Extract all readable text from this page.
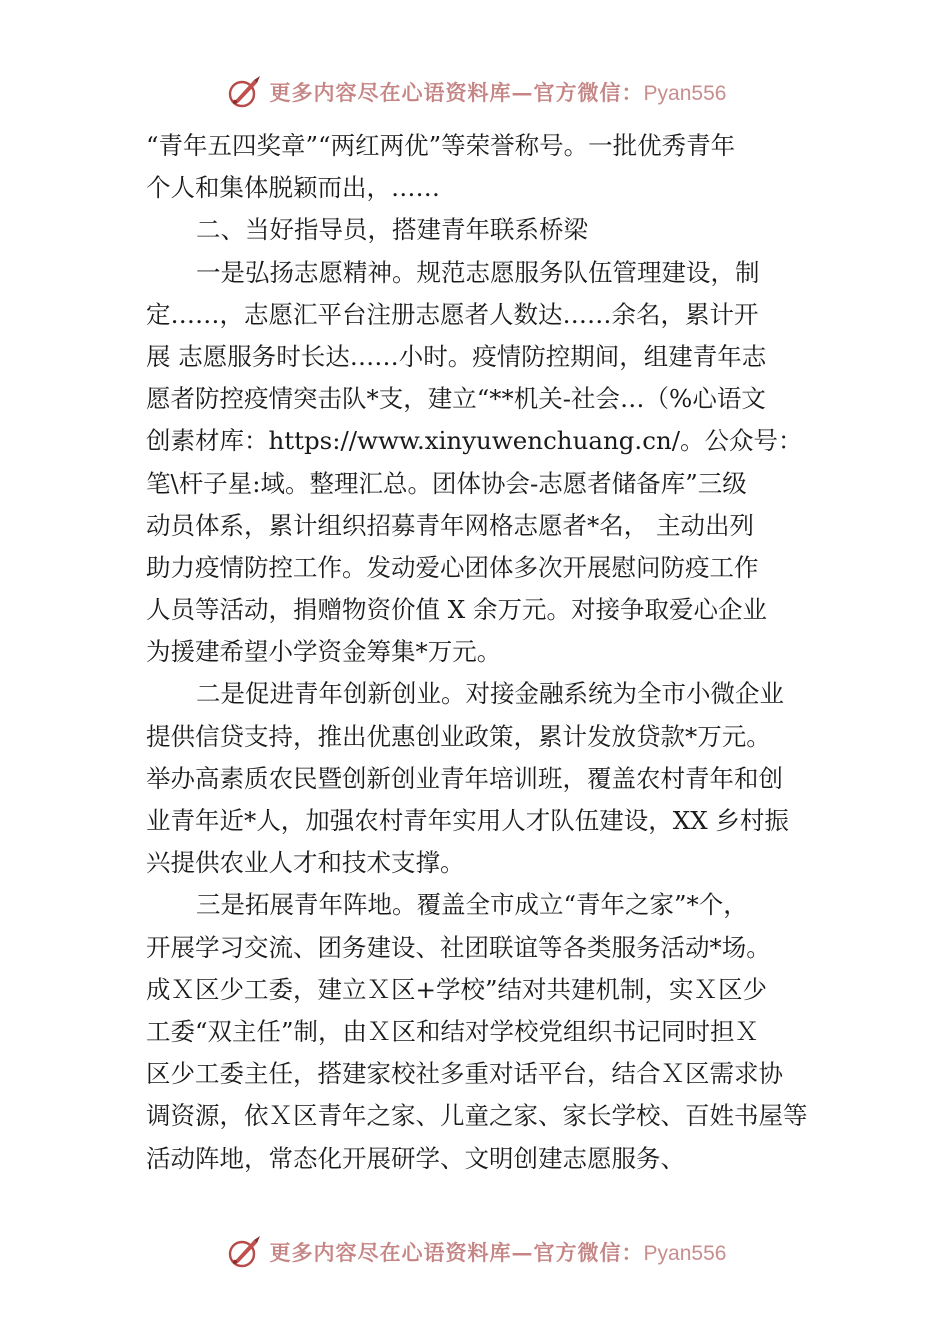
更多内容尽在心语资料库—官方微信：Pyan556
“青年五四奖章”“两红两优”等荣誉称号。一批优秀青年
个人和集体脱颖而出，……
二、当好指导员，搭建青年联系桥梁
一是弘扬志愿精神。规范志愿服务队伍管理建设，制
定……，志愿汇平台注册志愿者人数达……余名，累计开
展 志愿服务时长达……小时。疫情防控期间，组建青年志
愿者防控疫情突击队*支，建立“**机关-社会…（%心语文
创素材库：https://www.xinyuwenchuang.cn/。公众号：
笔\杆子星:域。整理汇总。团体协会-志愿者储备库”三级
动员体系，累计组织招募青年网格志愿者*名， 主动出列
助力疫情防控工作。发动爱心团体多次开展慰问防疫工作
人员等活动，捐赠物资价值 X 余万元。对接争取爱心企业
为援建希望小学资金筹集*万元。
二是促进青年创新创业。对接金融系统为全市小微企业
提供信贷支持，推出优惠创业政策，累计发放贷款*万元。
举办高素质农民暨创新创业青年培训班，覆盖农村青年和创
业青年近*人，加强农村青年实用人才队伍建设，XX 乡村振
兴提供农业人才和技术支撑。
三是拓展青年阵地。覆盖全市成立“青年之家”*个，
开展学习交流、团务建设、社团联谊等各类服务活动*场。
成Ｘ区少工委，建立Ｘ区+学校”结对共建机制，实Ｘ区少
工委“双主任”制，由Ｘ区和结对学校党组织书记同时担Ｘ
区少工委主任，搭建家校社多重对话平台，结合Ｘ区需求协
调资源，依Ｘ区青年之家、儿童之家、家长学校、百姓书屋等
活动阵地，常态化开展研学、文明创建志愿服务、
更多内容尽在心语资料库—官方微信：Pyan556
